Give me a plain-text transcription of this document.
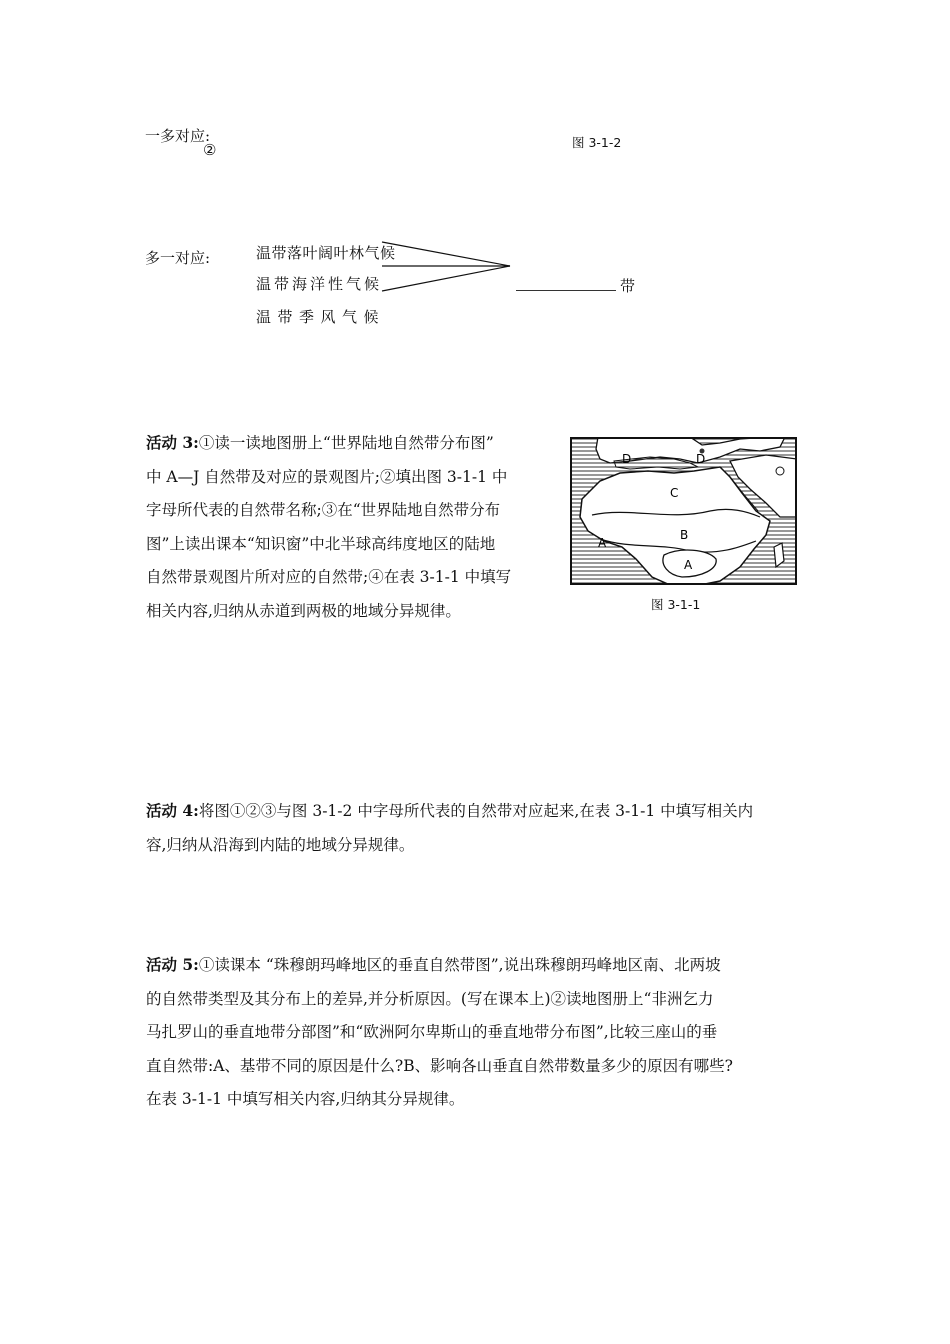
一多对应:
②	图 3-1-2
多一对应:	温带落叶阔叶林气候
温带海洋性气候
温带季风气候
带
活动 3:①读一读地图册上“世界陆地自然带分布图”
中 A—J 自然带及对应的景观图片;②填出图 3-1-1 中
字母所代表的自然带名称;③在“世界陆地自然带分布
图”上读出课本“知识窗”中北半球高纬度地区的陆地
自然带景观图片所对应的自然带;④在表 3-1-1 中填写
相关内容,归纳从赤道到两极的地域分异规律。
D	D
C
B
A
A
图 3-1-1
活动 4:将图①②③与图 3-1-2 中字母所代表的自然带对应起来,在表 3-1-1 中填写相关内
容,归纳从沿海到内陆的地域分异规律。
活动 5:①读课本 “珠穆朗玛峰地区的垂直自然带图”,说出珠穆朗玛峰地区南、北两坡
的自然带类型及其分布上的差异,并分析原因。(写在课本上)②读地图册上“非洲乞力
马扎罗山的垂直地带分部图”和“欧洲阿尔卑斯山的垂直地带分布图”,比较三座山的垂
直自然带:A、基带不同的原因是什么?B、影响各山垂直自然带数量多少的原因有哪些?
在表 3-1-1 中填写相关内容,归纳其分异规律。
